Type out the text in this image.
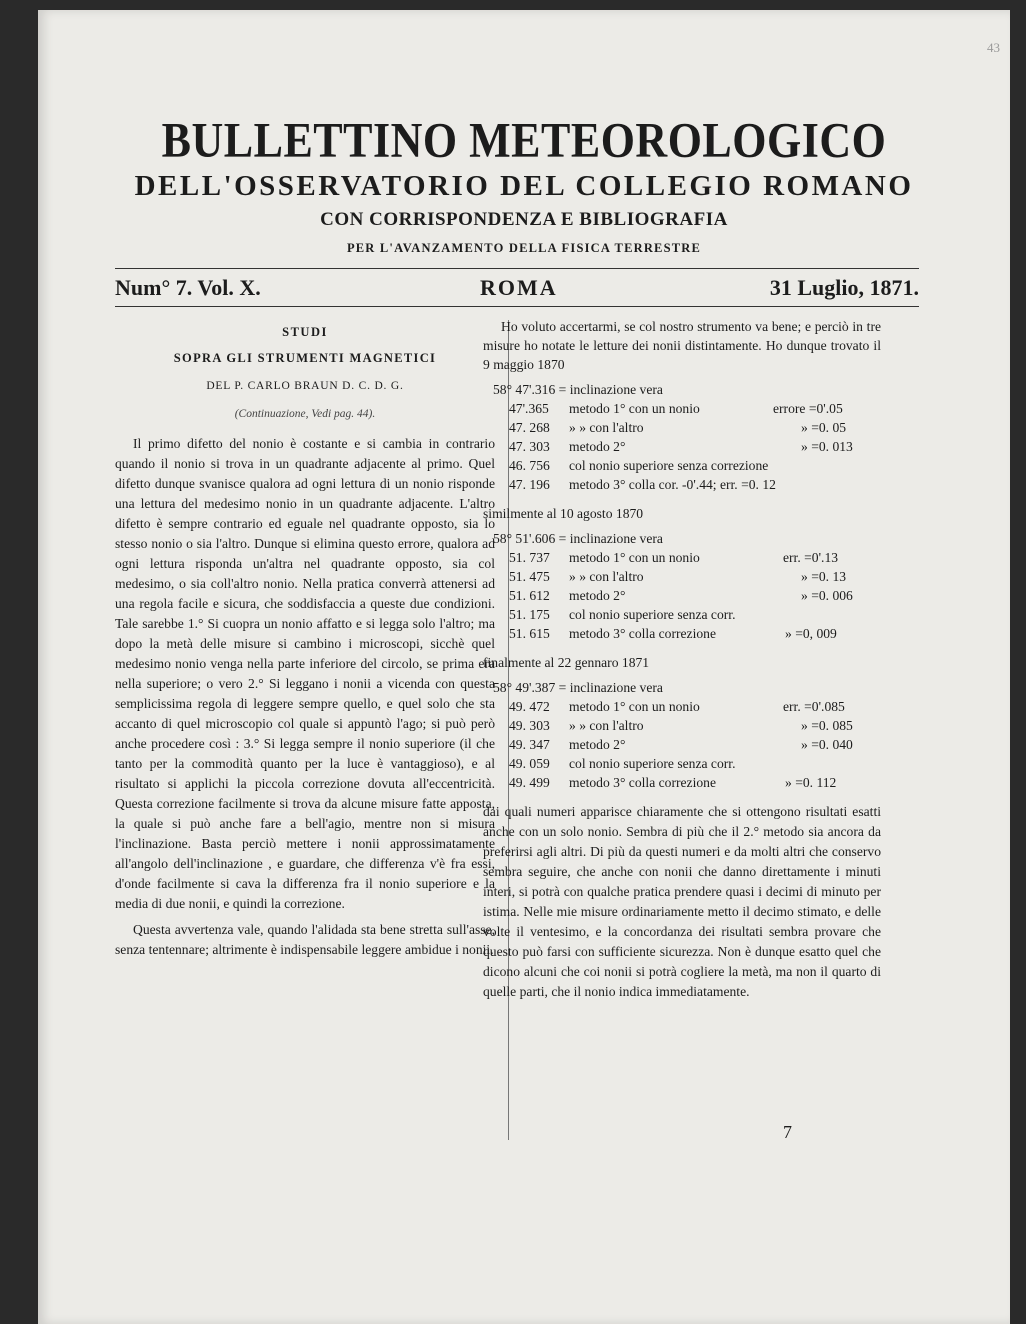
43
BULLETTINO METEOROLOGICO
DELL'OSSERVATORIO DEL COLLEGIO ROMANO
CON CORRISPONDENZA E BIBLIOGRAFIA
PER L'AVANZAMENTO DELLA FISICA TERRESTRE
Num° 7. Vol. X.	ROMA	31 Luglio, 1871.
STUDI
SOPRA GLI STRUMENTI MAGNETICI
DEL P. CARLO BRAUN D. C. D. G.
(Continuazione, Vedi pag. 44).

Il primo difetto del nonio è costante e si cambia in contrario quando il nonio si trova in un quadrante adjacente al primo. Quel difetto dunque svanisce qualora ad ogni lettura di un nonio risponde una lettura del medesimo nonio in un quadrante adjacente. L'altro difetto è sempre contrario ed eguale nel quadrante opposto, sia lo stesso nonio o sia l'altro. Dunque si elimina questo errore, qualora ad ogni lettura risponda un'altra nel quadrante opposto, sia col medesimo, o sia coll'altro nonio. Nella pratica converrà attenersi ad una regola facile e sicura, che soddisfaccia a queste due condizioni. Tale sarebbe 1.° Si cuopra un nonio affatto e si legga solo l'altro; ma dopo la metà delle misure si cambino i microscopi, sicchè quel medesimo nonio venga nella parte inferiore del circolo, se prima era nella superiore; o vero 2.° Si leggano i nonii a vicenda con questa semplicissima regola di leggere sempre quello, e quel solo che sta accanto di quel microscopio col quale si appuntò l'ago; si può però anche procedere così : 3.° Si legga sempre il nonio superiore (il che tanto per la commodità quanto per la luce è vantaggioso), e al risultato si applichi la piccola correzione dovuta all'eccentricità. Questa correzione facilmente si trova da alcune misure fatte apposta, la quale si può anche fare a bell'agio, mentre non si misura l'inclinazione. Basta perciò mettere i nonii approssimatamente all'angolo dell'inclinazione , e guardare, che differenza v'è fra essi, d'onde facilmente si cava la differenza fra il nonio superiore e la media di due nonii, e quindi la correzione.

Questa avvertenza vale, quando l'alidada sta bene stretta sull'asse, senza tentennare; altrimente è indispensabile leggere ambidue i nonii.

Ho voluto accertarmi, se col nostro strumento va bene; e perciò in tre misure ho notate le letture dei nonii distintamente. Ho dunque trovato il 9 maggio 1870

58° 47'.316 = inclinazione vera
47'.365 metodo 1° con un nonio	errore =0'.05
47. 268 » » con l'altro	» =0. 05
47. 303 metodo 2°	» =0. 013
46. 756 col nonio superiore senza correzione
47. 196 metodo 3° colla cor. -0'.44; err. =0. 12
similmente al 10 agosto 1870
58° 51'.606 = inclinazione vera
51. 737 metodo 1° con un nonio	err. =0'.13
51. 475 » » con l'altro	» =0. 13
51. 612 metodo 2°	» =0. 006
51. 175 col nonio superiore senza corr.
51. 615 metodo 3° colla correzione	» =0, 009
finalmente al 22 gennaro 1871
58° 49'.387 = inclinazione vera
49. 472 metodo 1° con un nonio	err. =0'.085
49. 303 » » con l'altro	» =0. 085
49. 347 metodo 2°	» =0. 040
49. 059 col nonio superiore senza corr.
49. 499 metodo 3° colla correzione	» =0. 112

dai quali numeri apparisce chiaramente che si ottengono risultati esatti anche con un solo nonio. Sembra di più che il 2.° metodo sia ancora da preferirsi agli altri. Di più da questi numeri e da molti altri che conservo sembra seguire, che anche con nonii che danno direttamente i minuti interi, si potrà con qualche pratica prendere quasi i decimi di minuto per istima. Nelle mie misure ordinariamente metto il decimo stimato, e delle volte il ventesimo, e la concordanza dei risultati sembra provare che questo può farsi con sufficiente sicurezza. Non è dunque esatto quel che dicono alcuni che coi nonii si potrà cogliere la metà, ma non il quarto di quelle parti, che il nonio indica immediatamente.

7
